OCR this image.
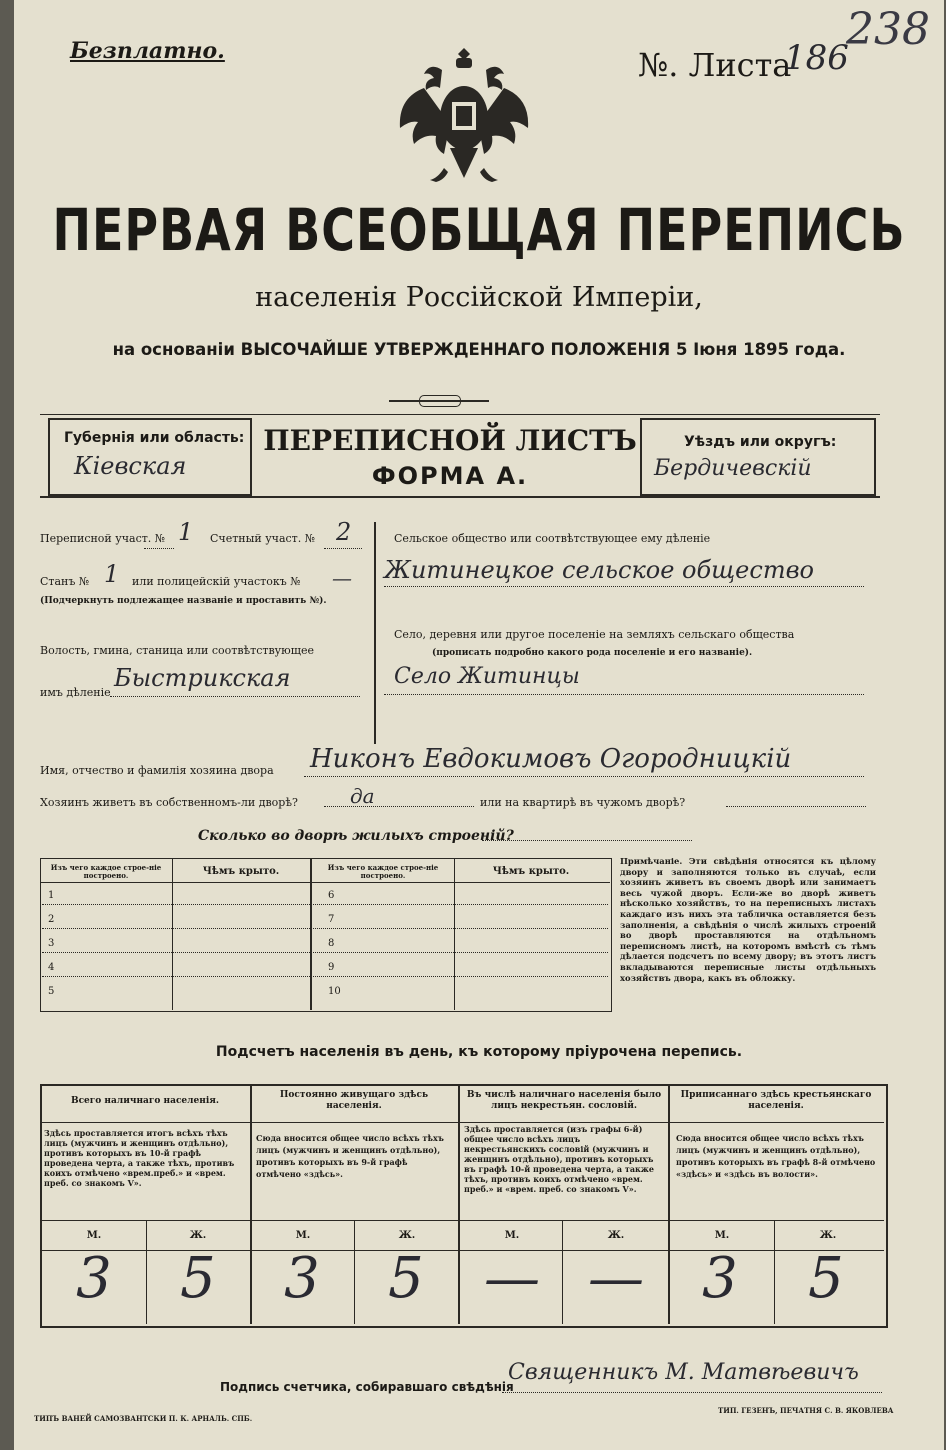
Безплатно.	№. Листа
186
238
ПЕРВАЯ ВСЕОБЩАЯ ПЕРЕПИСЬ
населенія Россійской Имперіи,
на основаніи ВЫСОЧАЙШЕ УТВЕРЖДЕННАГО ПОЛОЖЕНІЯ 5 Іюня 1895 года.
Губернія или область:
Кіевская
ПЕРЕПИСНОЙ ЛИСТЪ
ФОРМА А.
Уѣздъ или округъ:
Бердичевскій
Переписной участ. № 1 Счетный участ. № 2
Станъ № 1 или полицейскій участокъ № —
(Подчеркнуть подлежащее названіе и проставить №).
Волость, гмина, станица или соотвѣтствующее
имъ дѣленіе
Быстрикская
Сельское общество или соотвѣтствующее ему дѣленіе
Житинецкое сельское общество
Село, деревня или другое поселеніе на земляхъ сельскаго общества
(прописать подробно какого рода поселеніе и его названіе).
Село Житинцы
Имя, отчество и фамилія хозяина двора Никонъ Евдокимовъ Огородницкій
Хозяинъ живетъ въ собственномъ-ли дворѣ?	да	или на квартирѣ въ чужомъ дворѣ?
Сколько во дворѣ жилыхъ строеній?
Изъ чего каждое строе-ніе построено.	Чѣмъ крыто.	Изъ чего каждое строе-ніе построено.	Чѣмъ крыто.
1
2
3
4
5
6
7
8
9
10
Примѣчаніе. Эти свѣдѣнія относятся къ цѣлому двору и заполняются только въ случаѣ, если хозяинъ живетъ въ своемъ дворѣ или занимаетъ весь чужой дворъ. Если-же во дворѣ живетъ нѣсколько хозяйствъ, то на переписныхъ листахъ каждаго изъ нихъ эта табличка оставляется безъ заполненія, а свѣдѣнія о числѣ жилыхъ строеній во дворѣ проставляются на отдѣльномъ переписномъ листѣ, на которомъ вмѣстѣ съ тѣмъ дѣлается подсчетъ по всему двору; въ этотъ листъ вкладываются переписные листы отдѣльныхъ хозяйствъ двора, какъ въ обложку.
Подсчетъ населенія въ день, къ которому пріурочена перепись.
Всего наличнаго населенія.
Здѣсь проставляется итогъ всѣхъ тѣхъ лицъ (мужчинъ и женщинъ отдѣльно), противъ которыхъ въ 10-й графѣ проведена черта, а также тѣхъ, противъ коихъ отмѣчено «врем.преб.» и «врем. преб. со знакомъ V».
М.	Ж.
3	5
Постоянно живущаго здѣсь населенія.
Сюда вносится общее число всѣхъ тѣхъ лицъ (мужчинъ и женщинъ отдѣльно), противъ которыхъ въ 9-й графѣ отмѣчено «здѣсь».
М.	Ж.
3	5
Въ числѣ наличнаго населенія было лицъ некрестьян. сословій.
Здѣсь проставляется (изъ графы 6-й) общее число всѣхъ лицъ некрестьянскихъ сословій (мужчинъ и женщинъ отдѣльно), противъ которыхъ въ графѣ 10-й проведена черта, а также тѣхъ, противъ коихъ отмѣчено «врем. преб.» и «врем. преб. со знакомъ V».
М.	Ж.
— —
Приписаннаго здѣсь крестьянскаго населенія.
Сюда вносится общее число всѣхъ тѣхъ лицъ (мужчинъ и женщинъ отдѣльно), противъ которыхъ въ графѣ 8-й отмѣчено «здѣсь» и «здѣсь въ волости».
М.	Ж.
3	5
Подпись счетчика, собиравшаго свѣдѣнія
Священникъ М. Матвѣевичъ
ТИПЪ ВАНЕЙ САМОЗВАНТСКИ П. К. АРНАЛЬ. СПБ.
ТИП. ГЕЗЕНЪ, ПЕЧАТНЯ С. В. ЯКОВЛЕВА
